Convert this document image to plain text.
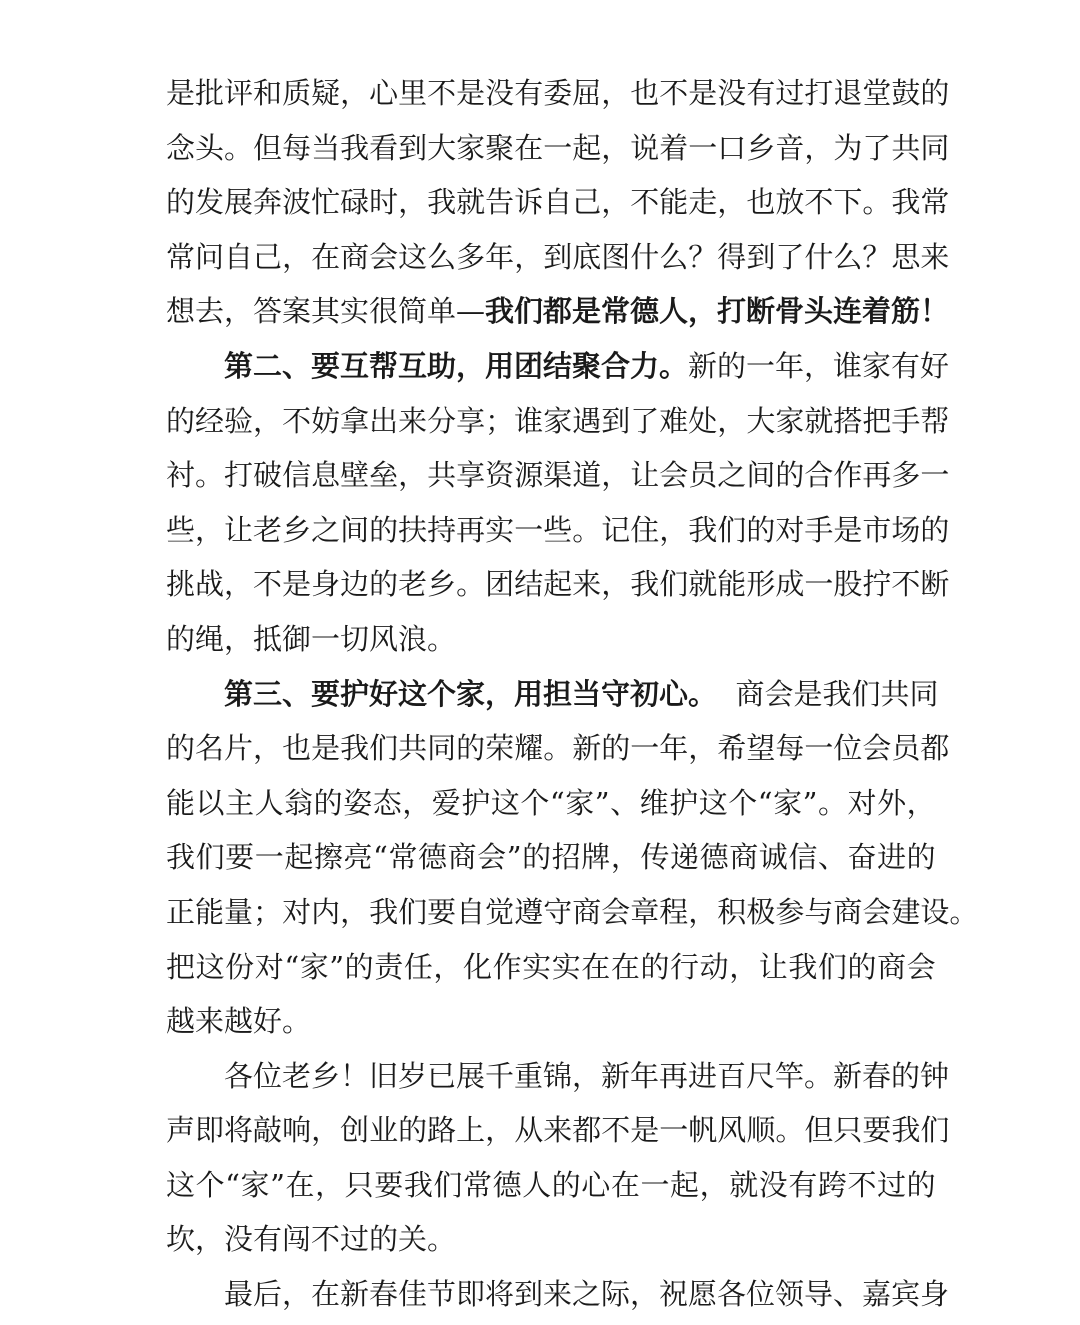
是 批 评 和 质 疑 ， 心 里 不 是 没 有 委 屈 ， 也 不 是 没 有 过 打 退 堂 鼓 的
念 头 。 但 每 当 我 看 到 大 家 聚 在 一 起 ， 说 着 一 口 乡 音 ， 为 了 共 同
的 发 展 奔 波 忙 碌 时 ， 我 就 告 诉 自 己 ， 不 能 走 ， 也 放 不 下 。 我 常
常 问 自 己 ， 在 商 会 这 么 多 年 ， 到 底 图 什 么 ？ 得 到 了 什 么 ？ 思 来
想去，答案其实很简单— 我们都是常德人，打断骨头连着筋！
第二、要互帮互助，用团结聚合力。 新的一年，谁家有好
的 经 验 ， 不 妨 拿 出 来 分 享 ； 谁 家 遇 到 了 难 处 ， 大 家 就 搭 把 手 帮
衬 。 打 破 信 息 壁 垒 ， 共 享 资 源 渠 道 ， 让 会 员 之 间 的 合 作 再 多 一
些 ， 让 老 乡 之 间 的 扶 持 再 实 一 些 。 记 住 ， 我 们 的 对 手 是 市 场 的
挑 战 ， 不 是 身 边 的 老 乡 。 团 结 起 来 ， 我 们 就 能 形 成 一 股 拧 不 断
的绳，抵御一切风浪。
第三、要护好这个家，用担当守初心。 商会是我们共同
的 名 片 ， 也 是 我 们 共 同 的 荣 耀 。 新 的 一 年 ， 希 望 每 一 位 会 员 都
能 以 主 人 翁 的 姿 态 ， 爱 护 这 个 “ 家 ” 、 维 护 这 个 “ 家 ” 。 对 外 ，
我 们 要 一 起 擦 亮 “ 常 德 商 会 ” 的 招 牌 ， 传 递 德 商 诚 信 、 奋 进 的
正 能 量 ； 对 内 ， 我 们 要 自 觉 遵 守 商 会 章 程 ， 积 极 参 与 商 会 建 设 。
把 这 份 对 “ 家 ” 的 责 任 ， 化 作 实 实 在 在 的 行 动 ， 让 我 们 的 商 会
越来越好。
各位老乡！旧岁已展千重锦，新年再进百尺竿。新春的钟
声 即 将 敲 响 ， 创 业 的 路 上 ， 从 来 都 不 是 一 帆 风 顺 。 但 只 要 我 们
这 个 “ 家 ” 在 ， 只 要 我 们 常 德 人 的 心 在 一 起 ， 就 没 有 跨 不 过 的
坎，没有闯不过的关。
最后，在新春佳节即将到来之际，祝愿各位领导、嘉宾身
